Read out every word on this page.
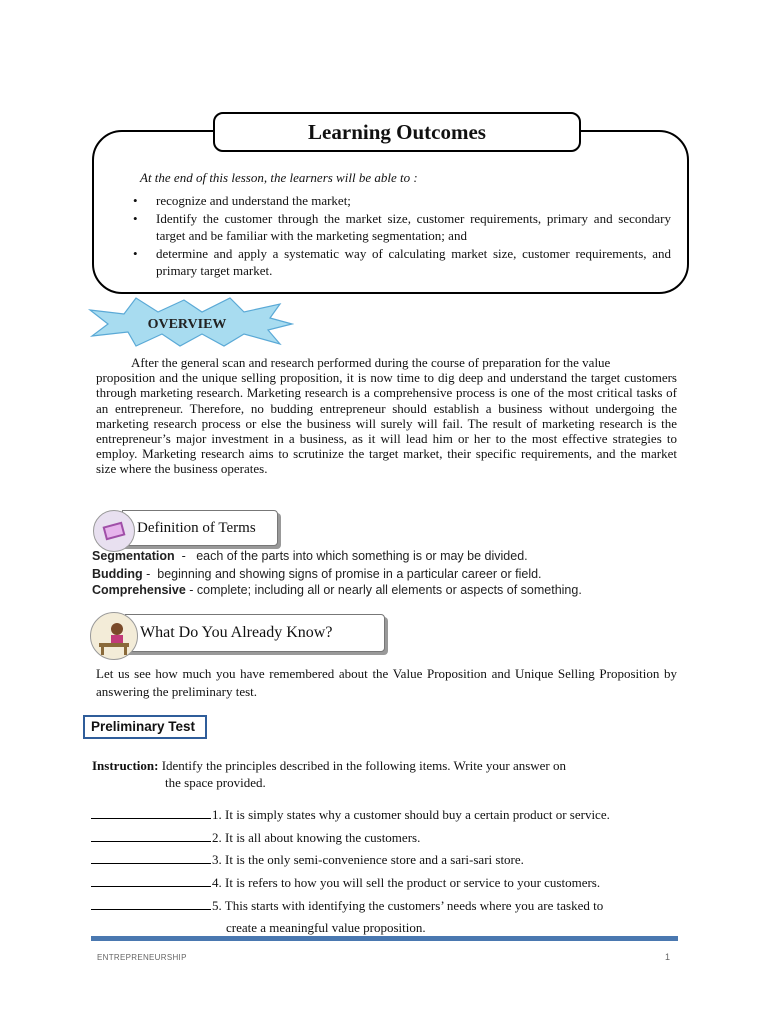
Learning Outcomes
At the end of this lesson, the learners will be able to :
• recognize and understand the market;
• Identify the customer through the market size, customer requirements, primary and secondary target and be familiar with the marketing segmentation; and
• determine and apply a systematic way of calculating market size, customer requirements, and primary target market.
OVERVIEW

After the general scan and research performed during the course of preparation for the value

proposition and the unique selling proposition, it is now time to dig deep and understand the target customers through marketing research. Marketing research is a comprehensive process is one of the most critical tasks of an entrepreneur. Therefore, no budding entrepreneur should establish a business without undergoing the marketing research process or else the business will surely will fail. The result of marketing research is the entrepreneur’s major investment in a business, as it will lead him or her to the most effective strategies to employ. Marketing research aims to scrutinize the target market, their specific requirements, and the market size where the business operates.

Definition of Terms
Segmentation  -   each of the parts into which something is or may be divided.
Budding -  beginning and showing signs of promise in a particular career or field.
Comprehensive - complete; including all or nearly all elements or aspects of something.
What Do You Already Know?
Let us see how much you have remembered about the Value Proposition and Unique Selling Proposition by answering the preliminary test.
Preliminary Test
Instruction: Identify the principles described in the following items. Write your answer on
the space provided.
1. It is simply states why a customer should buy a certain product or service.
2. It is all about knowing the customers.
3. It is the only semi-convenience store and a sari-sari store.
4. It is refers to how you will sell the product or service to your customers.
5. This starts with identifying the customers’ needs where you are tasked to
create a meaningful value proposition.
ENTREPRENEURSHIP	1
